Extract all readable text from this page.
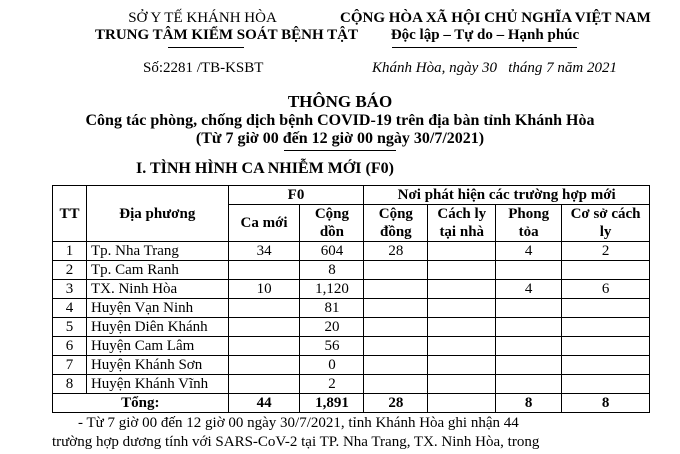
SỞ Y TẾ KHÁNH HÒA
TRUNG TÂM KIỂM SOÁT BỆNH TẬT
CỘNG HÒA XÃ HỘI CHỦ NGHĨA VIỆT NAM
Độc lập – Tự do – Hạnh phúc
Số:2281 /TB-KSBT	Khánh Hòa, ngày 30 tháng 7 năm 2021
THÔNG BÁO
Công tác phòng, chống dịch bệnh COVID-19 trên địa bàn tỉnh Khánh Hòa
(Từ 7 giờ 00 đến 12 giờ 00 ngày 30/7/2021)
I. TÌNH HÌNH CA NHIỄM MỚI (F0)
TT	Địa phương	F0		Nơi phát hiện các trường hợp mới			
		Ca mới	Cộng dồn	Cộng đồng	Cách ly tại nhà	Phong tỏa	Cơ sở cách ly
1	Tp. Nha Trang	34	604	28		4	2
2	Tp. Cam Ranh		8				
3	TX. Ninh Hòa	10	1,120			4	6
4	Huyện Vạn Ninh		81				
5	Huyện Diên Khánh		20				
6	Huyện Cam Lâm		56				
7	Huyện Khánh Sơn		0				
8	Huyện Khánh Vĩnh		2				
Tổng:		44	1,891	28		8	8
- Từ 7 giờ 00 đến 12 giờ 00 ngày 30/7/2021, tỉnh Khánh Hòa ghi nhận 44
trường hợp dương tính với SARS-CoV-2 tại TP. Nha Trang, TX. Ninh Hòa, trong
